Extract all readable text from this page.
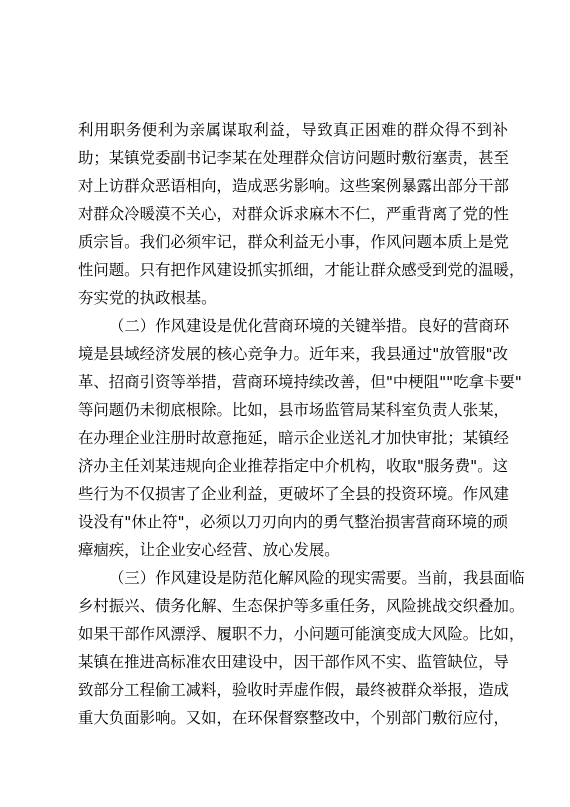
利用职务便利为亲属谋取利益，导致真正困难的群众得不到补
助；某镇党委副书记李某在处理群众信访问题时敷衍塞责，甚至
对上访群众恶语相向，造成恶劣影响。这些案例暴露出部分干部
对群众冷暖漠不关心，对群众诉求麻木不仁，严重背离了党的性
质宗旨。我们必须牢记，群众利益无小事，作风问题本质上是党
性问题。只有把作风建设抓实抓细，才能让群众感受到党的温暖，
夯实党的执政根基。
（二）作风建设是优化营商环境的关键举措。良好的营商环
境是县域经济发展的核心竞争力。近年来，我县通过"放管服"改
革、招商引资等举措，营商环境持续改善，但"中梗阻""吃拿卡要"
等问题仍未彻底根除。比如，县市场监管局某科室负责人张某，
在办理企业注册时故意拖延，暗示企业送礼才加快审批；某镇经
济办主任刘某违规向企业推荐指定中介机构，收取"服务费"。这
些行为不仅损害了企业利益，更破坏了全县的投资环境。作风建
设没有"休止符"，必须以刀刃向内的勇气整治损害营商环境的顽
瘴痼疾，让企业安心经营、放心发展。
（三）作风建设是防范化解风险的现实需要。当前，我县面临
乡村振兴、债务化解、生态保护等多重任务，风险挑战交织叠加。
如果干部作风漂浮、履职不力，小问题可能演变成大风险。比如，
某镇在推进高标准农田建设中，因干部作风不实、监管缺位，导
致部分工程偷工减料，验收时弄虚作假，最终被群众举报，造成
重大负面影响。又如，在环保督察整改中，个别部门敷衍应付，
